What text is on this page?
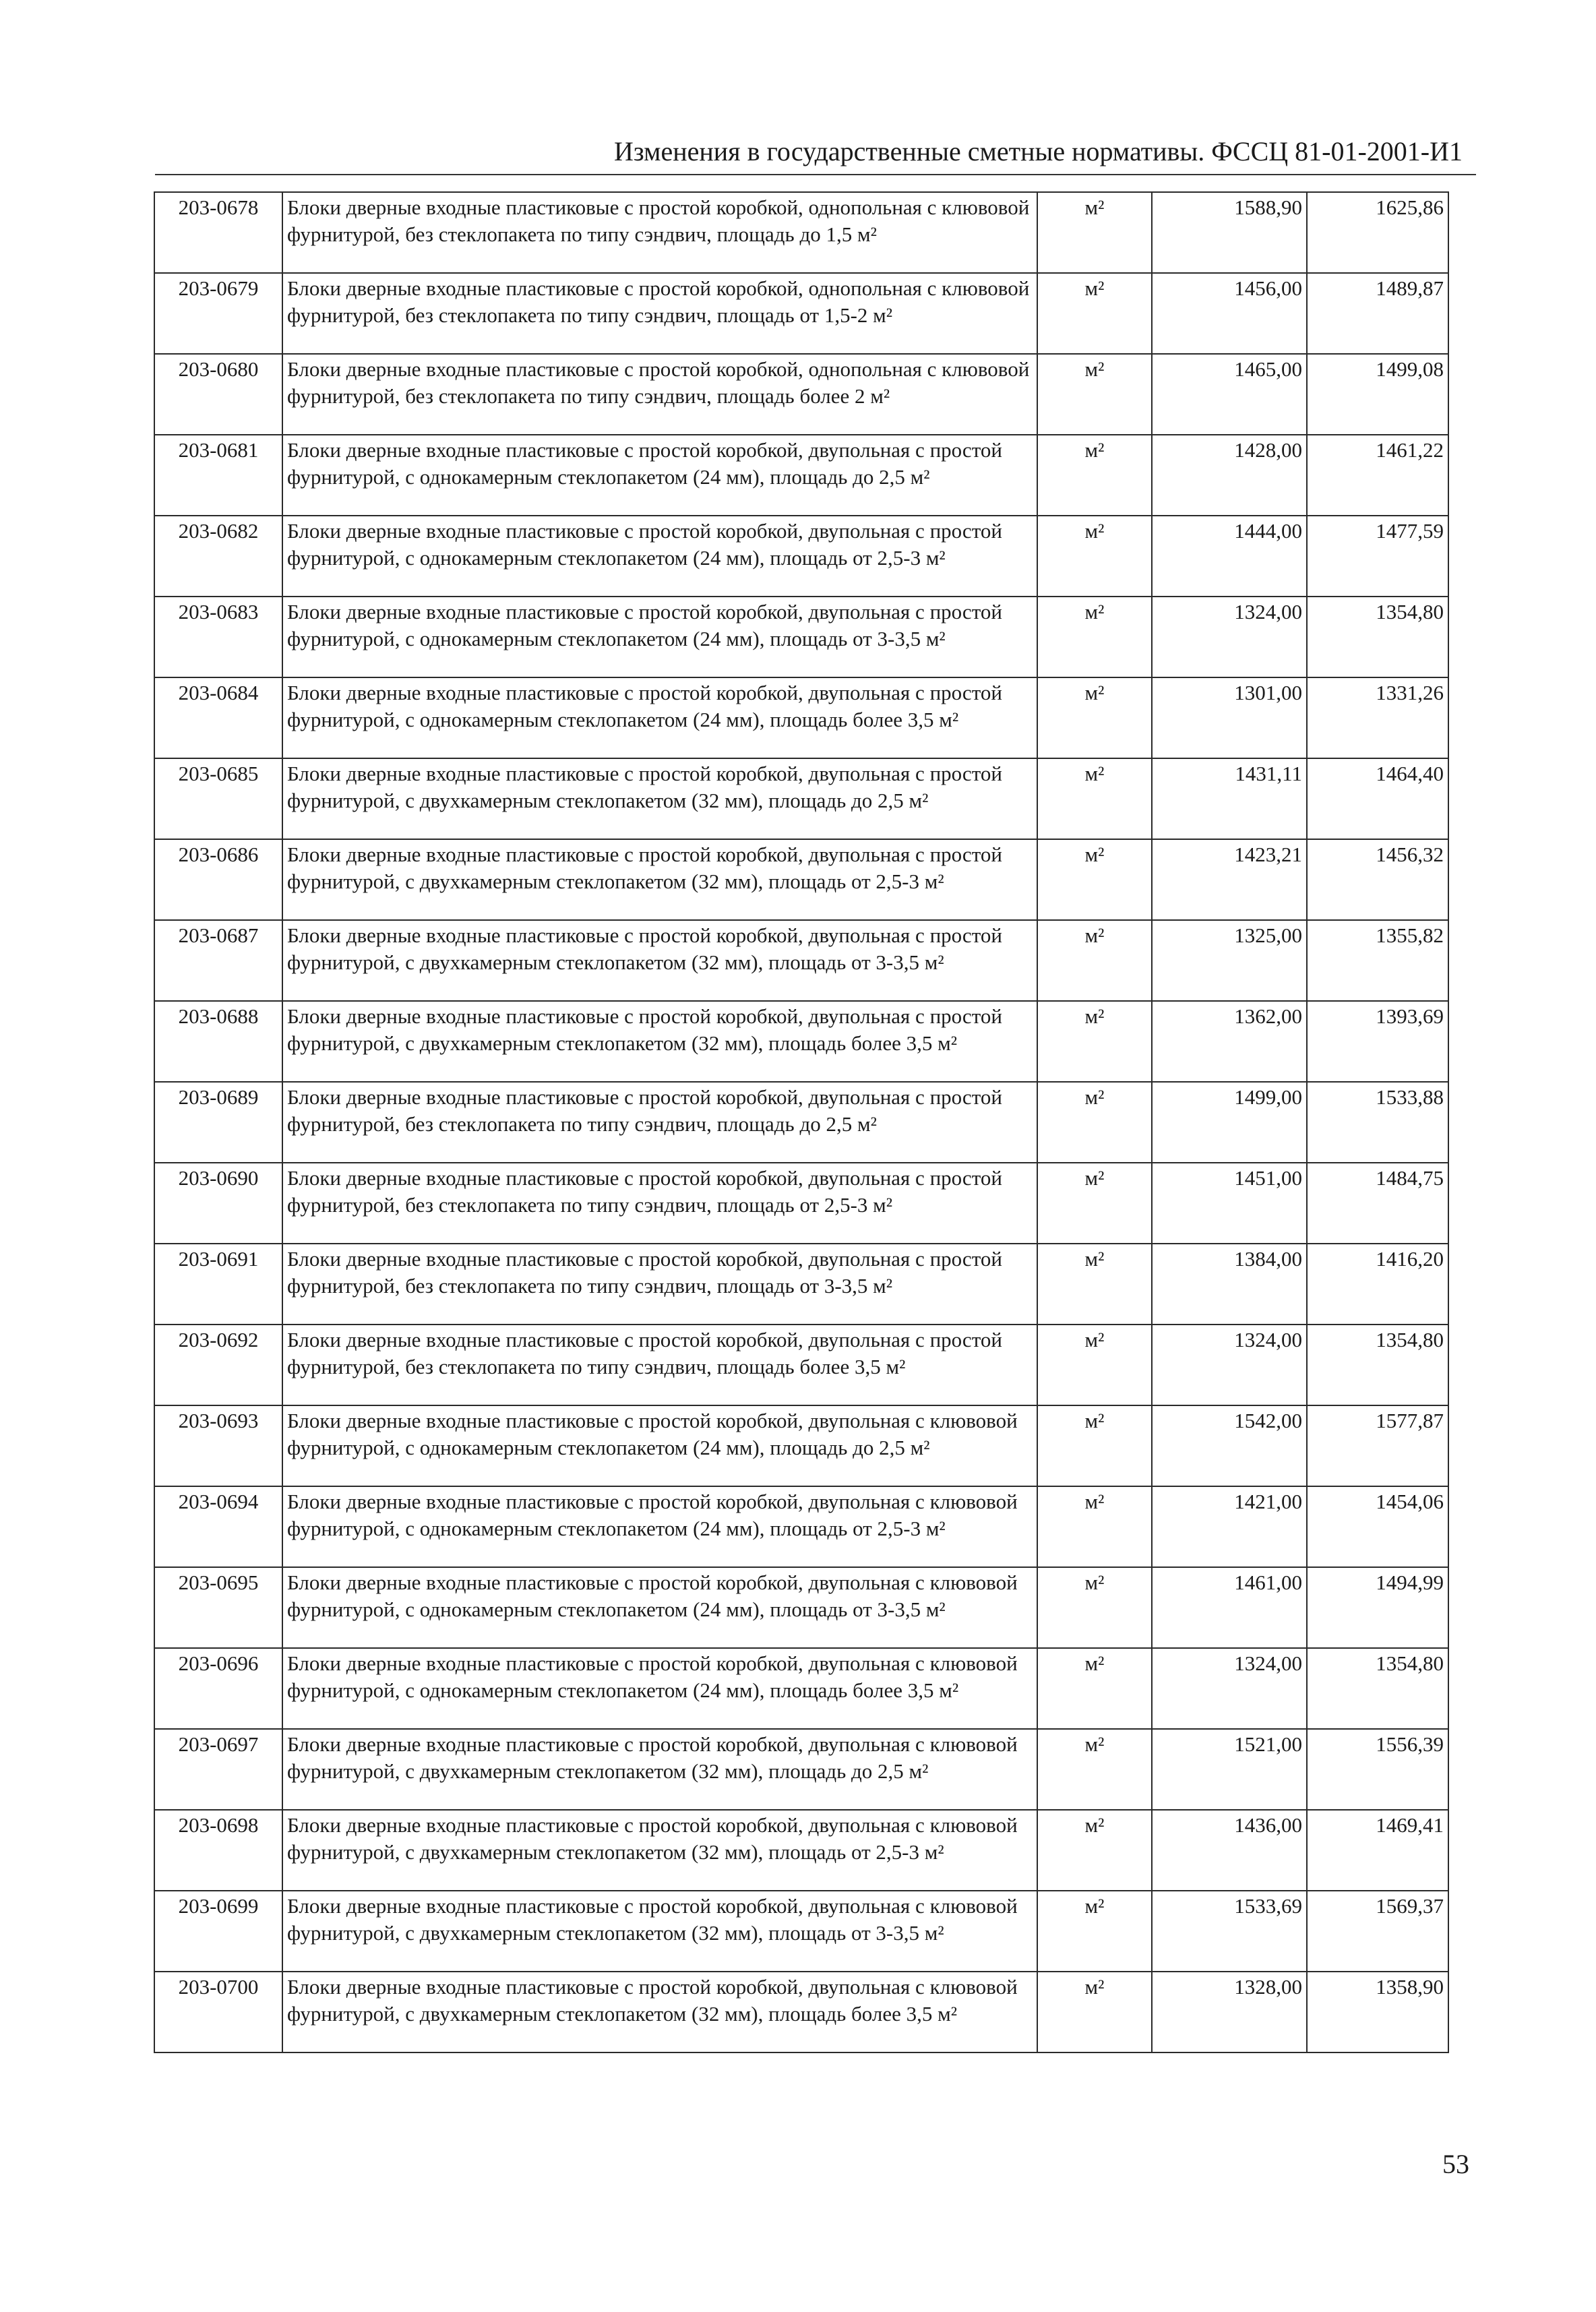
Изменения в государственные сметные нормативы. ФССЦ 81-01-2001-И1
203-0678	Блоки дверные входные пластиковые с простой коробкой, однопольная с клювовой фурнитурой, без стеклопакета по типу сэндвич, площадь до 1,5 м²	м²	1588,90	1625,86
203-0679	Блоки дверные входные пластиковые с простой коробкой, однопольная с клювовой фурнитурой, без стеклопакета по типу сэндвич, площадь от 1,5-2 м²	м²	1456,00	1489,87
203-0680	Блоки дверные входные пластиковые с простой коробкой, однопольная с клювовой фурнитурой, без стеклопакета по типу сэндвич, площадь более 2 м²	м²	1465,00	1499,08
203-0681	Блоки дверные входные пластиковые с простой коробкой, двупольная с простой фурнитурой, с однокамерным стеклопакетом (24 мм), площадь до 2,5 м²	м²	1428,00	1461,22
203-0682	Блоки дверные входные пластиковые с простой коробкой, двупольная с простой фурнитурой, с однокамерным стеклопакетом (24 мм), площадь от 2,5-3 м²	м²	1444,00	1477,59
203-0683	Блоки дверные входные пластиковые с простой коробкой, двупольная с простой фурнитурой, с однокамерным стеклопакетом (24 мм), площадь от 3-3,5 м²	м²	1324,00	1354,80
203-0684	Блоки дверные входные пластиковые с простой коробкой, двупольная с простой фурнитурой, с однокамерным стеклопакетом (24 мм), площадь более 3,5 м²	м²	1301,00	1331,26
203-0685	Блоки дверные входные пластиковые с простой коробкой, двупольная с простой фурнитурой, с двухкамерным стеклопакетом (32 мм), площадь до 2,5 м²	м²	1431,11	1464,40
203-0686	Блоки дверные входные пластиковые с простой коробкой, двупольная с простой фурнитурой, с двухкамерным стеклопакетом (32 мм), площадь от 2,5-3 м²	м²	1423,21	1456,32
203-0687	Блоки дверные входные пластиковые с простой коробкой, двупольная с простой фурнитурой, с двухкамерным стеклопакетом (32 мм), площадь от 3-3,5 м²	м²	1325,00	1355,82
203-0688	Блоки дверные входные пластиковые с простой коробкой, двупольная с простой фурнитурой, с двухкамерным стеклопакетом (32 мм), площадь более 3,5 м²	м²	1362,00	1393,69
203-0689	Блоки дверные входные пластиковые с простой коробкой, двупольная с простой фурнитурой, без стеклопакета по типу сэндвич, площадь до 2,5 м²	м²	1499,00	1533,88
203-0690	Блоки дверные входные пластиковые с простой коробкой, двупольная с простой фурнитурой, без стеклопакета по типу сэндвич, площадь от 2,5-3 м²	м²	1451,00	1484,75
203-0691	Блоки дверные входные пластиковые с простой коробкой, двупольная с простой фурнитурой, без стеклопакета по типу сэндвич, площадь от 3-3,5 м²	м²	1384,00	1416,20
203-0692	Блоки дверные входные пластиковые с простой коробкой, двупольная с простой фурнитурой, без стеклопакета по типу сэндвич, площадь более 3,5 м²	м²	1324,00	1354,80
203-0693	Блоки дверные входные пластиковые с простой коробкой, двупольная с клювовой фурнитурой, с однокамерным стеклопакетом (24 мм), площадь до 2,5 м²	м²	1542,00	1577,87
203-0694	Блоки дверные входные пластиковые с простой коробкой, двупольная с клювовой фурнитурой, с однокамерным стеклопакетом (24 мм), площадь от 2,5-3 м²	м²	1421,00	1454,06
203-0695	Блоки дверные входные пластиковые с простой коробкой, двупольная с клювовой фурнитурой, с однокамерным стеклопакетом (24 мм), площадь от 3-3,5 м²	м²	1461,00	1494,99
203-0696	Блоки дверные входные пластиковые с простой коробкой, двупольная с клювовой фурнитурой, с однокамерным стеклопакетом (24 мм), площадь более 3,5 м²	м²	1324,00	1354,80
203-0697	Блоки дверные входные пластиковые с простой коробкой, двупольная с клювовой фурнитурой, с двухкамерным стеклопакетом (32 мм), площадь до 2,5 м²	м²	1521,00	1556,39
203-0698	Блоки дверные входные пластиковые с простой коробкой, двупольная с клювовой фурнитурой, с двухкамерным стеклопакетом (32 мм), площадь от 2,5-3 м²	м²	1436,00	1469,41
203-0699	Блоки дверные входные пластиковые с простой коробкой, двупольная с клювовой фурнитурой, с двухкамерным стеклопакетом (32 мм), площадь от 3-3,5 м²	м²	1533,69	1569,37
203-0700	Блоки дверные входные пластиковые с простой коробкой, двупольная с клювовой фурнитурой, с двухкамерным стеклопакетом (32 мм), площадь более 3,5 м²	м²	1328,00	1358,90
53
